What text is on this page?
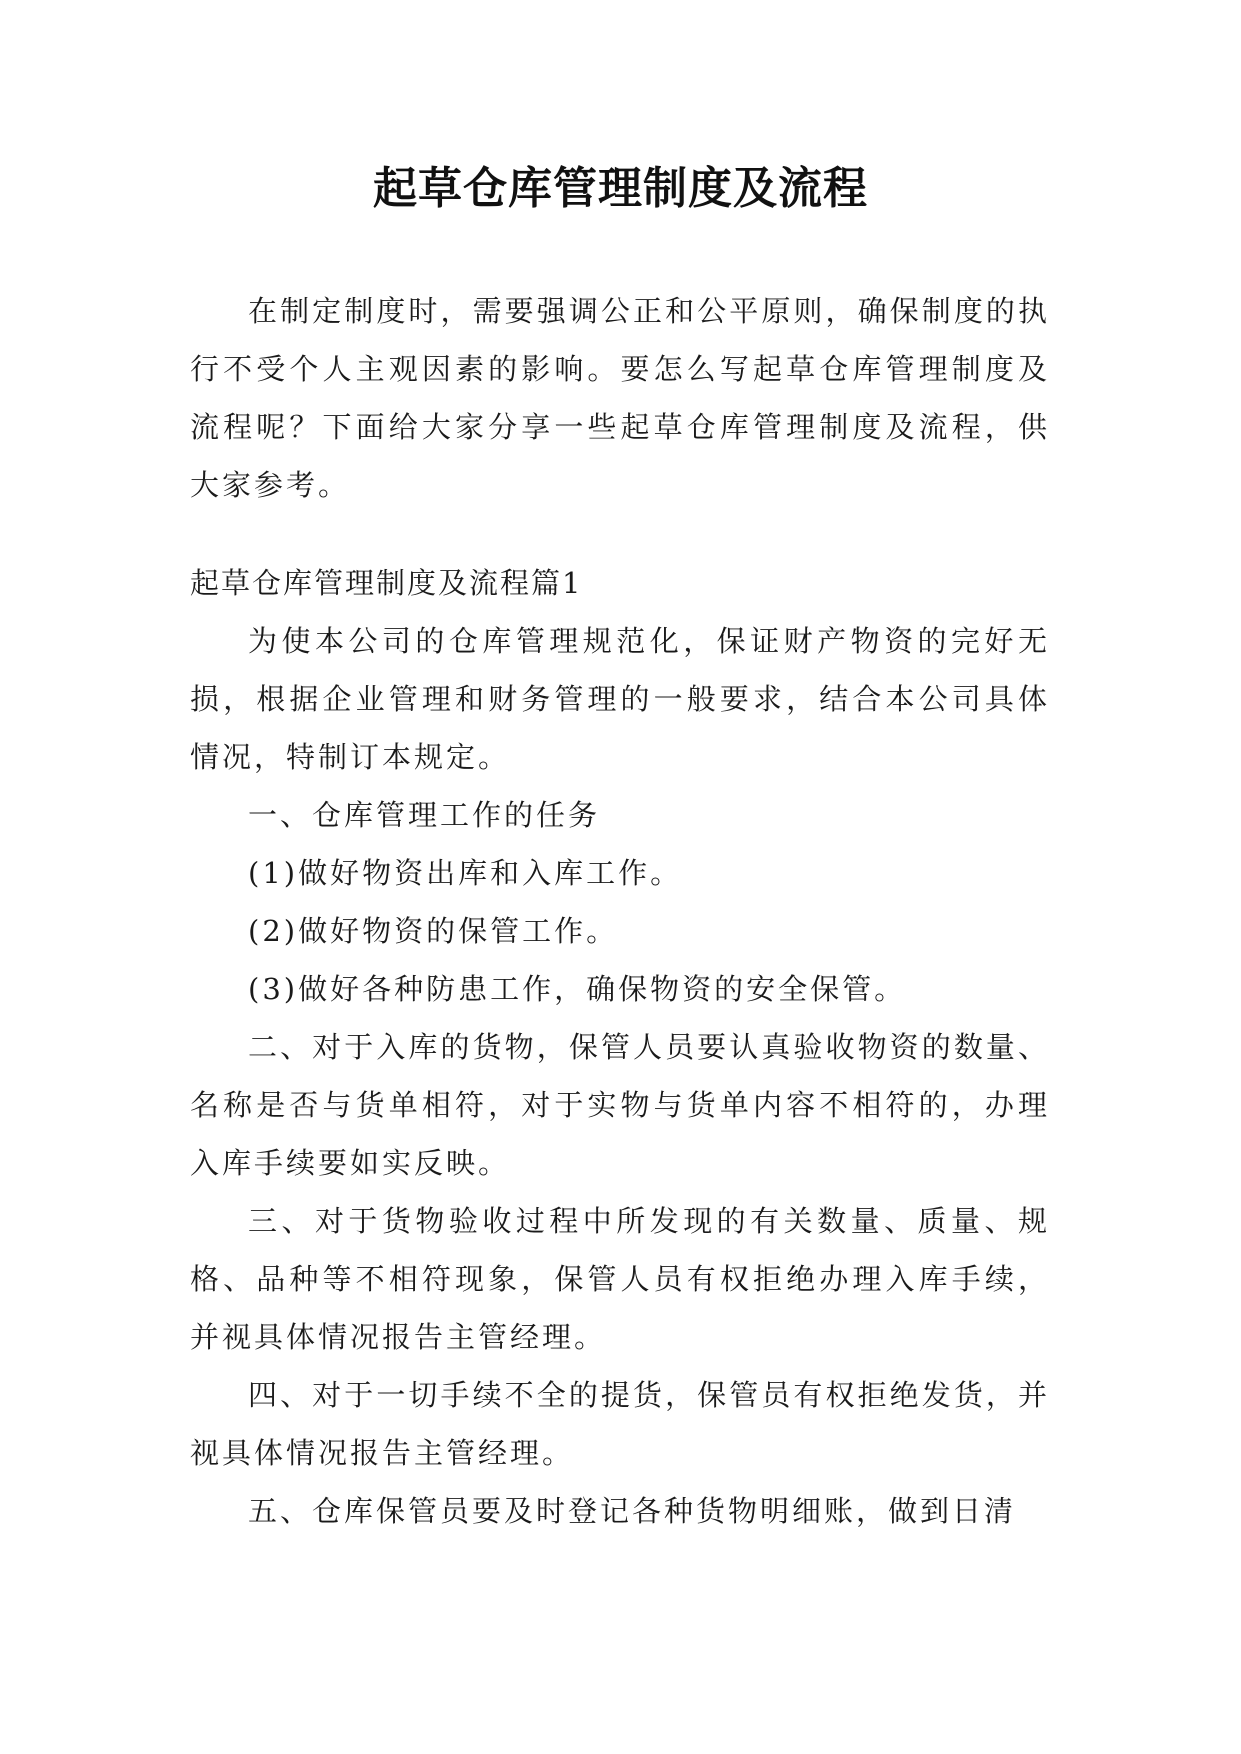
起草仓库管理制度及流程

在制定制度时，需要强调公正和公平原则，确保制度的执行不受个人主观因素的影响。要怎么写起草仓库管理制度及流程呢？下面给大家分享一些起草仓库管理制度及流程，供大家参考。

起草仓库管理制度及流程篇1

为使本公司的仓库管理规范化，保证财产物资的完好无损，根据企业管理和财务管理的一般要求，结合本公司具体情况，特制订本规定。

一、仓库管理工作的任务

(1)做好物资出库和入库工作。

(2)做好物资的保管工作。

(3)做好各种防患工作，确保物资的安全保管。

二、对于入库的货物，保管人员要认真验收物资的数量、名称是否与货单相符，对于实物与货单内容不相符的，办理入库手续要如实反映。

三、对于货物验收过程中所发现的有关数量、质量、规格、品种等不相符现象，保管人员有权拒绝办理入库手续，并视具体情况报告主管经理。

四、对于一切手续不全的提货，保管员有权拒绝发货，并视具体情况报告主管经理。

五、仓库保管员要及时登记各种货物明细账，做到日清
